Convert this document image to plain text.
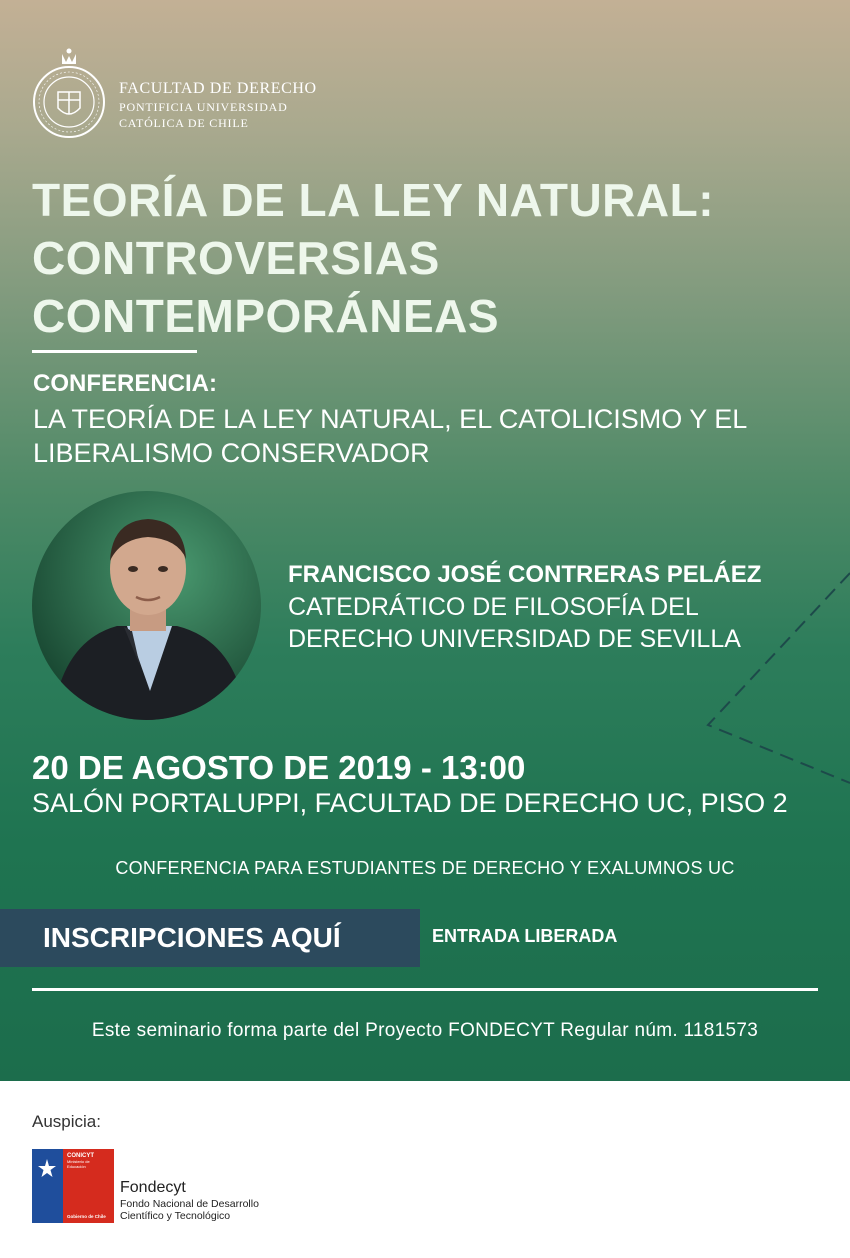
FACULTAD DE DERECHO
PONTIFICIA UNIVERSIDAD
CATÓLICA DE CHILE
TEORÍA DE LA LEY NATURAL:
CONTROVERSIAS
CONTEMPORÁNEAS
CONFERENCIA:
LA TEORÍA DE LA LEY NATURAL, EL CATOLICISMO Y EL
LIBERALISMO CONSERVADOR
FRANCISCO JOSÉ CONTRERAS PELÁEZ
CATEDRÁTICO DE FILOSOFÍA DEL
DERECHO UNIVERSIDAD DE SEVILLA
20 DE AGOSTO DE 2019 - 13:00
SALÓN PORTALUPPI, FACULTAD DE DERECHO UC, PISO 2
CONFERENCIA PARA ESTUDIANTES DE DERECHO Y EXALUMNOS UC
INSCRIPCIONES AQUÍ	ENTRADA LIBERADA
Este seminario forma parte del Proyecto FONDECYT Regular núm. 1181573
Auspicia:
CONICYT
Ministerio de
Educación
Gobierno de Chile
Fondecyt
Fondo Nacional de Desarrollo
Científico y Tecnológico
